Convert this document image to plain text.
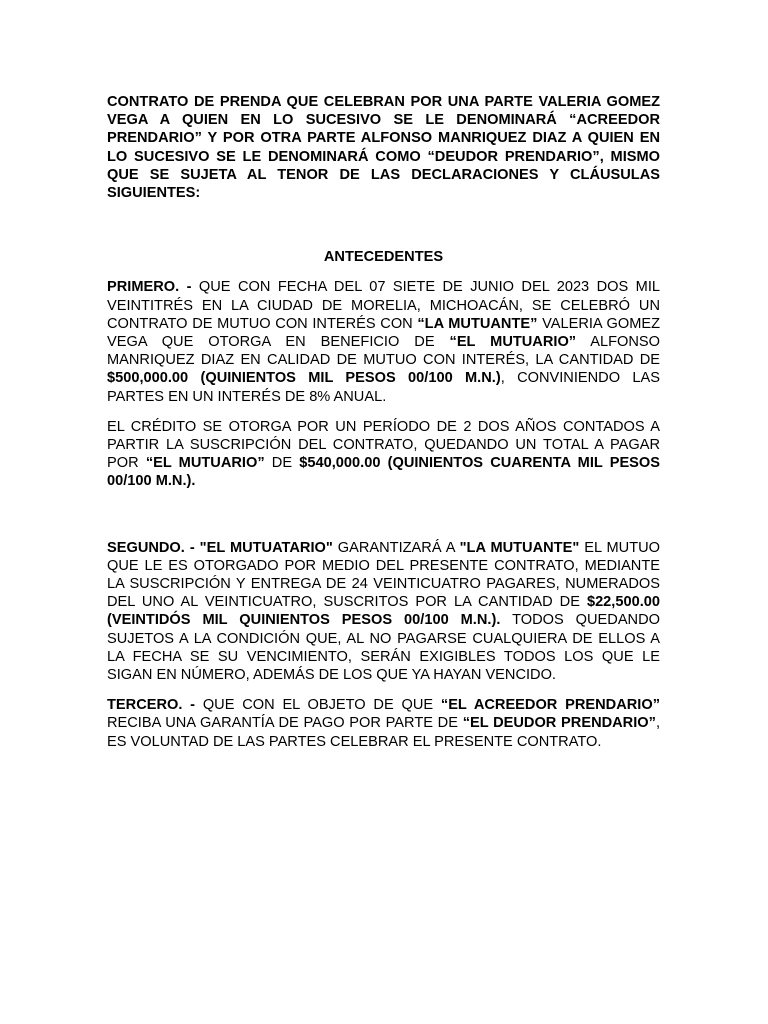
CONTRATO DE PRENDA QUE CELEBRAN POR UNA PARTE VALERIA GOMEZ VEGA A QUIEN EN LO SUCESIVO SE LE DENOMINARÁ “ACREEDOR PRENDARIO” Y POR OTRA PARTE ALFONSO MANRIQUEZ DIAZ A QUIEN EN LO SUCESIVO SE LE DENOMINARÁ COMO “DEUDOR PRENDARIO”, MISMO QUE SE SUJETA AL TENOR DE LAS DECLARACIONES Y CLÁUSULAS SIGUIENTES:

ANTECEDENTES

PRIMERO. - QUE CON FECHA DEL 07 SIETE DE JUNIO DEL 2023 DOS MIL VEINTITRÉS EN LA CIUDAD DE MORELIA, MICHOACÁN, SE CELEBRÓ UN CONTRATO DE MUTUO CON INTERÉS CON “LA MUTUANTE” VALERIA GOMEZ VEGA QUE OTORGA EN BENEFICIO DE “EL MUTUARIO” ALFONSO MANRIQUEZ DIAZ EN CALIDAD DE MUTUO CON INTERÉS, LA CANTIDAD DE $500,000.00 (QUINIENTOS MIL PESOS 00/100 M.N.), CONVINIENDO LAS PARTES EN UN INTERÉS DE 8% ANUAL.

EL CRÉDITO SE OTORGA POR UN PERÍODO DE 2 DOS AÑOS CONTADOS A PARTIR LA SUSCRIPCIÓN DEL CONTRATO, QUEDANDO UN TOTAL A PAGAR POR “EL MUTUARIO” DE $540,000.00 (QUINIENTOS CUARENTA MIL PESOS 00/100 M.N.).

SEGUNDO. - "EL MUTUATARIO" GARANTIZARÁ A "LA MUTUANTE" EL MUTUO QUE LE ES OTORGADO POR MEDIO DEL PRESENTE CONTRATO, MEDIANTE LA SUSCRIPCIÓN Y ENTREGA DE 24 VEINTICUATRO PAGARES, NUMERADOS DEL UNO AL VEINTICUATRO, SUSCRITOS POR LA CANTIDAD DE $22,500.00 (VEINTIDÓS MIL QUINIENTOS PESOS 00/100 M.N.). TODOS QUEDANDO SUJETOS A LA CONDICIÓN QUE, AL NO PAGARSE CUALQUIERA DE ELLOS A LA FECHA SE SU VENCIMIENTO, SERÁN EXIGIBLES TODOS LOS QUE LE SIGAN EN NÚMERO, ADEMÁS DE LOS QUE YA HAYAN VENCIDO.

TERCERO. - QUE CON EL OBJETO DE QUE “EL ACREEDOR PRENDARIO” RECIBA UNA GARANTÍA DE PAGO POR PARTE DE “EL DEUDOR PRENDARIO”, ES VOLUNTAD DE LAS PARTES CELEBRAR EL PRESENTE CONTRATO.
